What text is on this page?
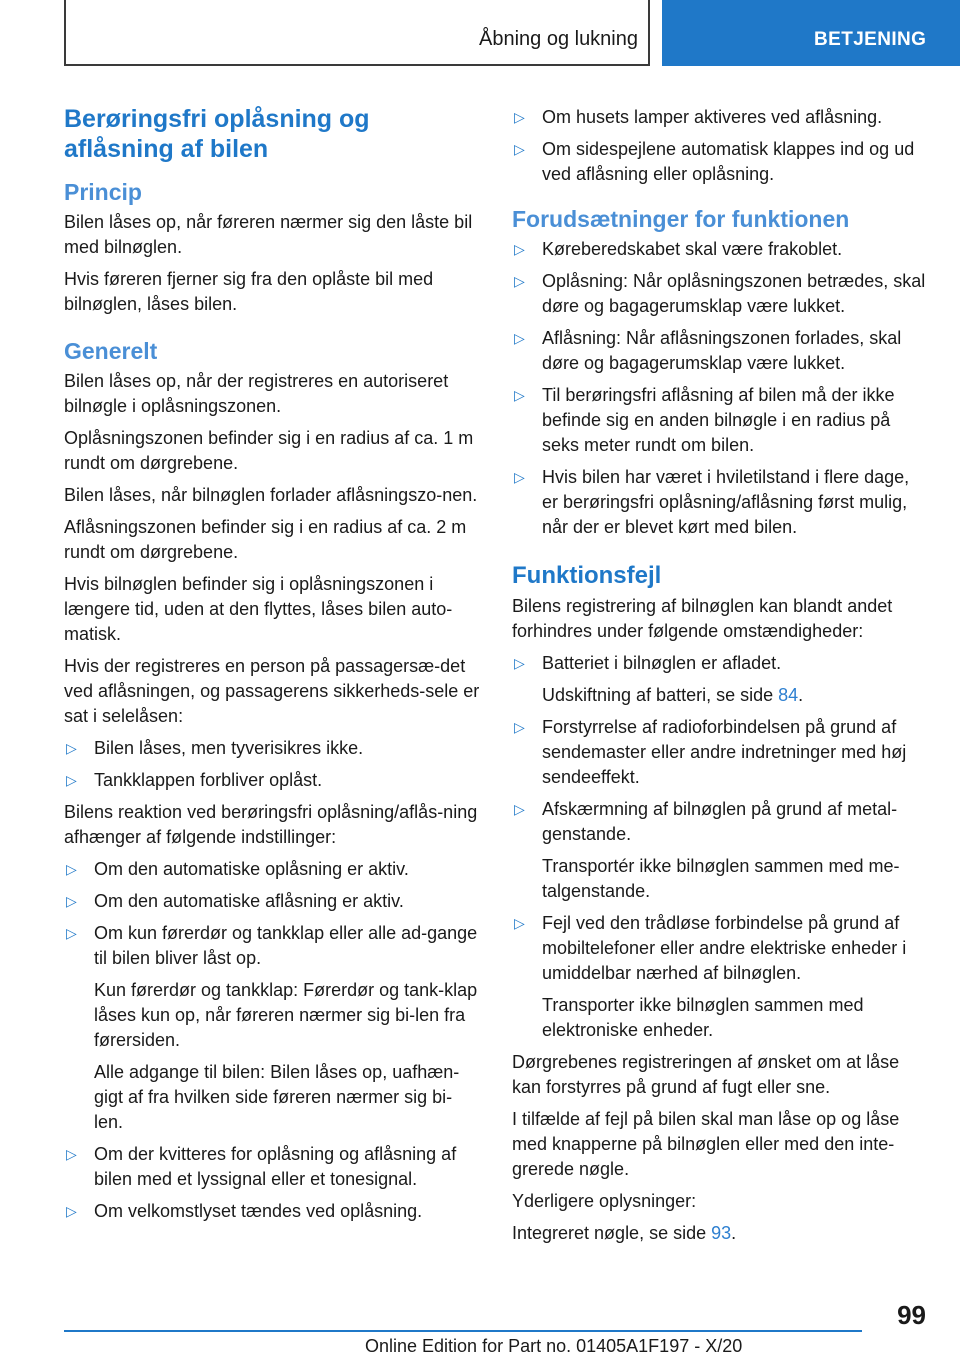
Åbning og lukning	BETJENING
Berøringsfri oplåsning og aflåsning af bilen
Princip

Bilen låses op, når føreren nærmer sig den låste bil med bilnøglen.

Hvis føreren fjerner sig fra den oplåste bil med bilnøglen, låses bilen.

Generelt

Bilen låses op, når der registreres en autoriseret bilnøgle i oplåsningszonen.

Oplåsningszonen befinder sig i en radius af ca. 1 m rundt om dørgrebene.

Bilen låses, når bilnøglen forlader aflåsningszo-nen.

Aflåsningszonen befinder sig i en radius af ca. 2 m rundt om dørgrebene.

Hvis bilnøglen befinder sig i oplåsningszonen i længere tid, uden at den flyttes, låses bilen auto-matisk.

Hvis der registreres en person på passagersæ-det ved aflåsningen, og passagerens sikkerheds-sele er sat i selelåsen:

▷ Bilen låses, men tyverisikres ikke.
▷ Tankklappen forbliver oplåst.

Bilens reaktion ved berøringsfri oplåsning/aflås-ning afhænger af følgende indstillinger:

▷ Om den automatiske oplåsning er aktiv.
▷ Om den automatiske aflåsning er aktiv.
▷ Om kun førerdør og tankklap eller alle ad-gange til bilen bliver låst op.

Kun førerdør og tankklap: Førerdør og tank-klap låses kun op, når føreren nærmer sig bi-len fra førersiden.

Alle adgange til bilen: Bilen låses op, uafhæn-gigt af fra hvilken side føreren nærmer sig bi-len.

▷ Om der kvitteres for oplåsning og aflåsning af bilen med et lyssignal eller et tonesignal.
▷ Om velkomstlyset tændes ved oplåsning.
▷ Om husets lamper aktiveres ved aflåsning.
▷ Om sidespejlene automatisk klappes ind og ud ved aflåsning eller oplåsning.
Forudsætninger for funktionen
▷ Køreberedskabet skal være frakoblet.
▷ Oplåsning: Når oplåsningszonen betrædes, skal døre og bagagerumsklap være lukket.
▷ Aflåsning: Når aflåsningszonen forlades, skal døre og bagagerumsklap være lukket.
▷ Til berøringsfri aflåsning af bilen må der ikke befinde sig en anden bilnøgle i en radius på seks meter rundt om bilen.
▷ Hvis bilen har været i hviletilstand i flere dage, er berøringsfri oplåsning/aflåsning først mulig, når der er blevet kørt med bilen.
Funktionsfejl

Bilens registrering af bilnøglen kan blandt andet forhindres under følgende omstændigheder:

▷ Batteriet i bilnøglen er afladet.

Udskiftning af batteri, se side 84.

▷ Forstyrrelse af radioforbindelsen på grund af sendemaster eller andre indretninger med høj sendeeffekt.
▷ Afskærmning af bilnøglen på grund af metal-genstande.

Transportér ikke bilnøglen sammen med me-talgenstande.

▷ Fejl ved den trådløse forbindelse på grund af mobiltelefoner eller andre elektriske enheder i umiddelbar nærhed af bilnøglen.

Transporter ikke bilnøglen sammen med elektroniske enheder.

Dørgrebenes registreringen af ønsket om at låse kan forstyrres på grund af fugt eller sne.

I tilfælde af fejl på bilen skal man låse op og låse med knapperne på bilnøglen eller med den inte-grerede nøgle.

Yderligere oplysninger:

Integreret nøgle, se side 93.

99
Online Edition for Part no. 01405A1F197 - X/20
